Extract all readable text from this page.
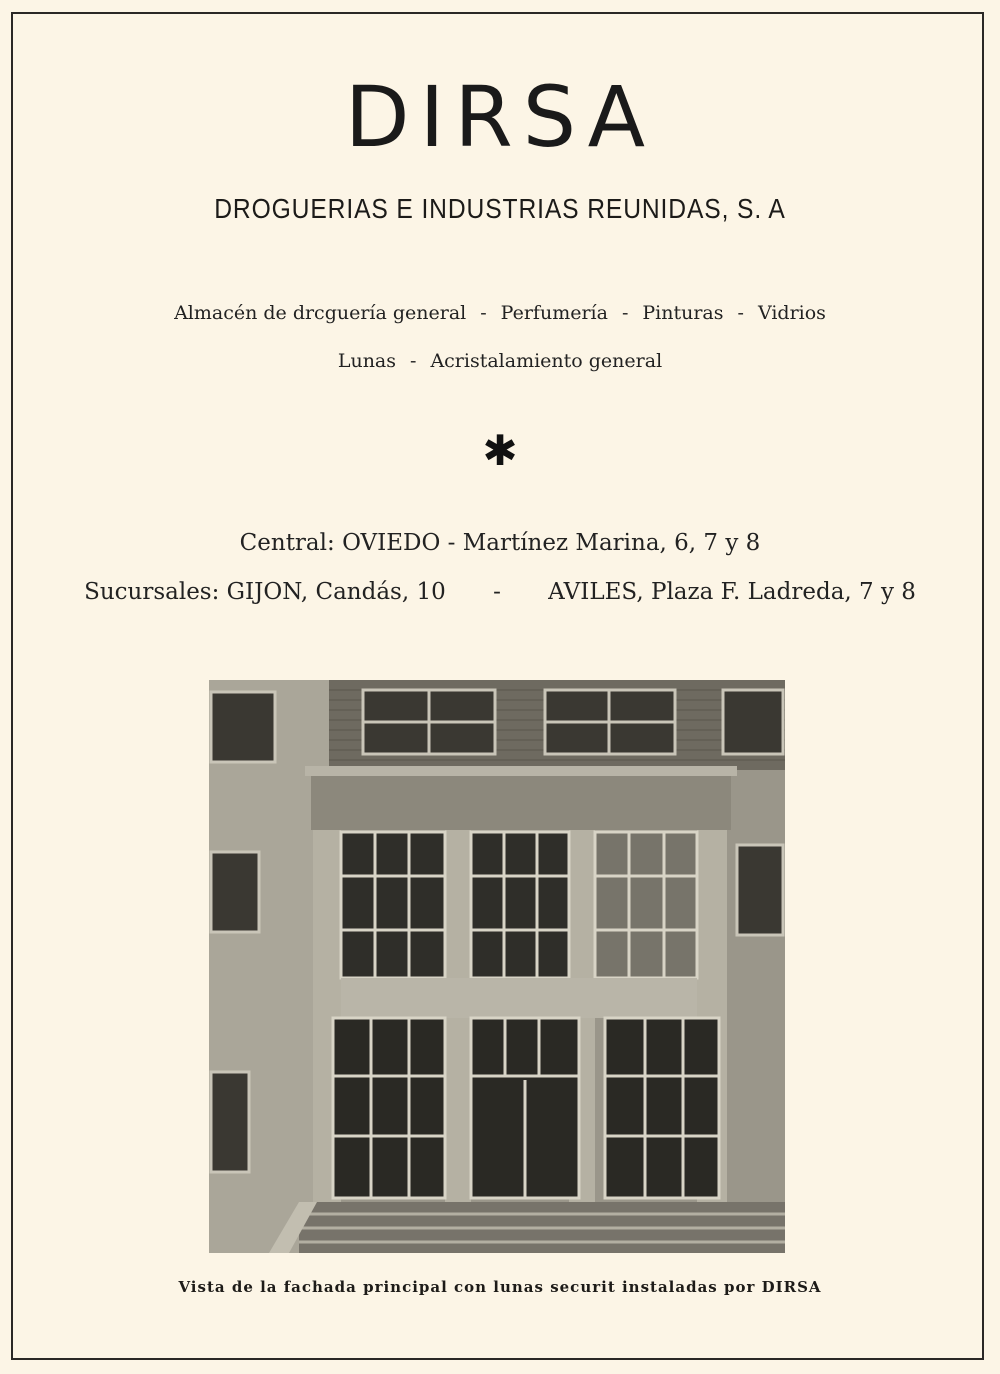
DIRSA
DROGUERIAS E INDUSTRIAS REUNIDAS, S. A
Almacén de drcguería general - Perfumería - Pinturas - Vidrios
Lunas - Acristalamiento general
✱
Central: OVIEDO - Martínez Marina, 6, 7 y 8
Sucursales: GIJON, Candás, 10 - AVILES, Plaza F. Ladreda, 7 y 8
Vista de la fachada principal con lunas securit instaladas por DIRSA
